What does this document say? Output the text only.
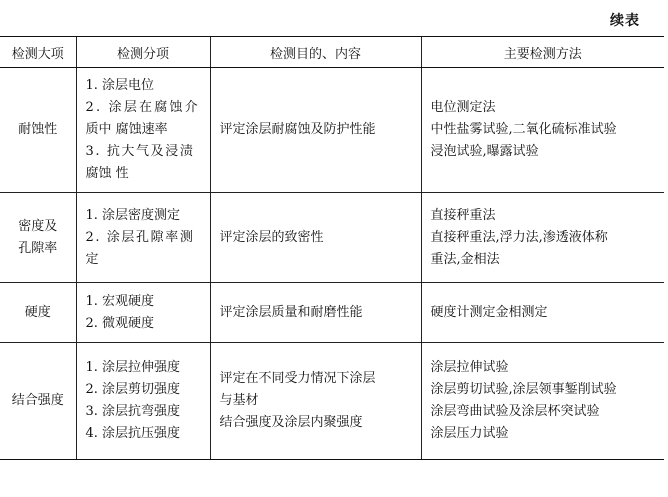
续表
检测大项	检测分项	检测目的、内容	主要检测方法

耐蚀性	1. 涂层电位
2. 涂层在腐蚀介
质中 腐蚀速率
3. 抗大气及浸渍
腐蚀 性	评定涂层耐腐蚀及防护性能	电位测定法
中性盐雾试验,二氧化硫标准试验
浸泡试验,曝露试验

密度及
孔隙率	1. 涂层密度测定
2. 涂层孔隙率测
定	评定涂层的致密性	直接秤重法
直接秤重法,浮力法,渗透液体称
重法,金相法

硬度	1. 宏观硬度
2. 微观硬度	评定涂层质量和耐磨性能	硬度计测定金相测定

结合强度	1. 涂层拉伸强度
2. 涂层剪切强度
3. 涂层抗弯强度
4. 涂层抗压强度	评定在不同受力情况下涂层
与基材
结合强度及涂层内聚强度	涂层拉伸试验
涂层剪切试验,涂层领事錾削试验
涂层弯曲试验及涂层杯突试验
涂层压力试验
